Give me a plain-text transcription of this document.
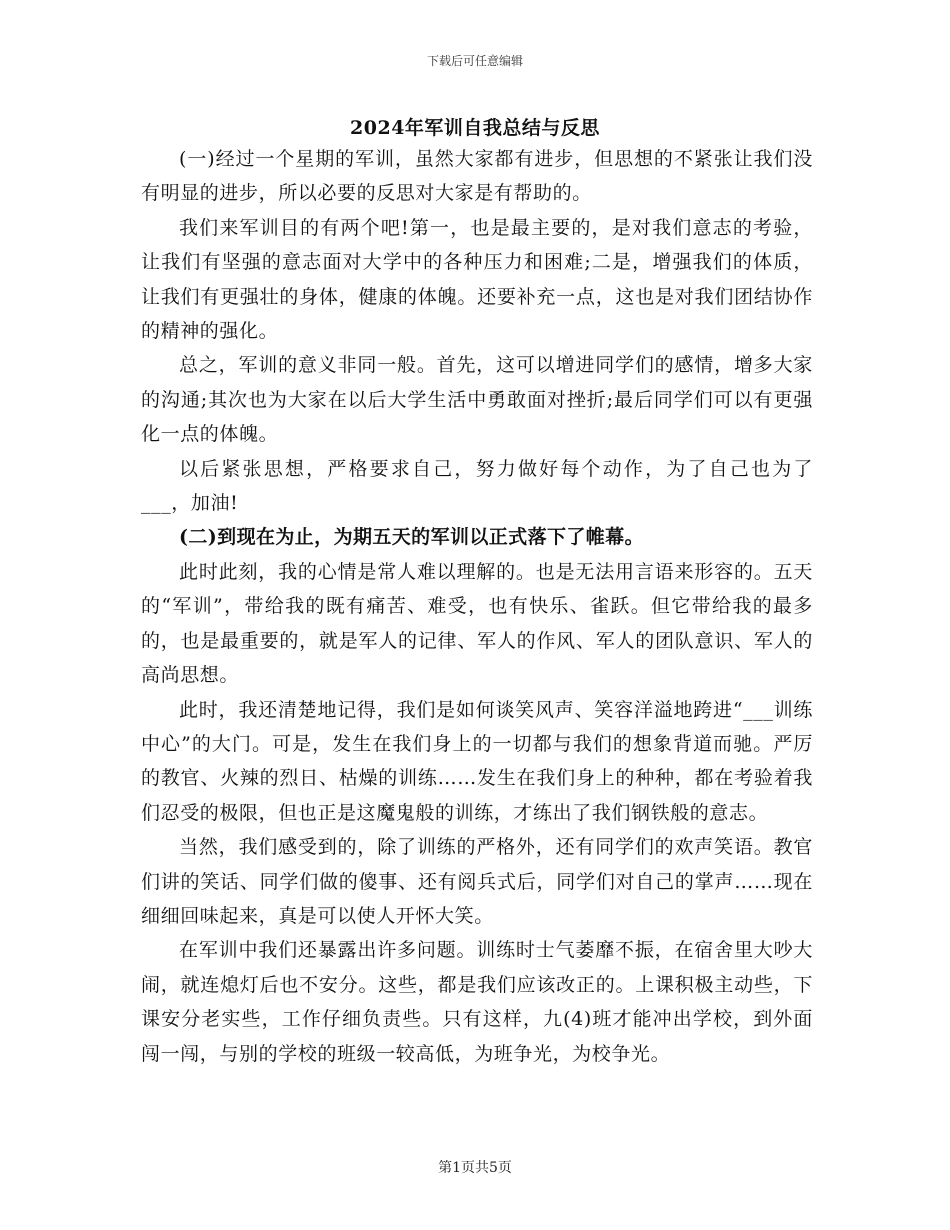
下载后可任意编辑
2024年军训自我总结与反思

(一)经过一个星期的军训，虽然大家都有进步，但思想的不紧张让我们没有明显的进步，所以必要的反思对大家是有帮助的。

我们来军训目的有两个吧!第一，也是最主要的，是对我们意志的考验，让我们有坚强的意志面对大学中的各种压力和困难;二是，增强我们的体质，让我们有更强壮的身体，健康的体魄。还要补充一点，这也是对我们团结协作的精神的强化。

总之，军训的意义非同一般。首先，这可以增进同学们的感情，增多大家的沟通;其次也为大家在以后大学生活中勇敢面对挫折;最后同学们可以有更强化一点的体魄。

以后紧张思想，严格要求自己，努力做好每个动作，为了自己也为了___，加油!

(二)到现在为止，为期五天的军训以正式落下了帷幕。

此时此刻，我的心情是常人难以理解的。也是无法用言语来形容的。五天的“军训”，带给我的既有痛苦、难受，也有快乐、雀跃。但它带给我的最多的，也是最重要的，就是军人的记律、军人的作风、军人的团队意识、军人的高尚思想。

此时，我还清楚地记得，我们是如何谈笑风声、笑容洋溢地跨进“___训练中心”的大门。可是，发生在我们身上的一切都与我们的想象背道而驰。严厉的教官、火辣的烈日、枯燥的训练……发生在我们身上的种种，都在考验着我们忍受的极限，但也正是这魔鬼般的训练，才练出了我们钢铁般的意志。

当然，我们感受到的，除了训练的严格外，还有同学们的欢声笑语。教官们讲的笑话、同学们做的傻事、还有阅兵式后，同学们对自己的掌声……现在细细回味起来，真是可以使人开怀大笑。

在军训中我们还暴露出许多问题。训练时士气萎靡不振，在宿舍里大吵大闹，就连熄灯后也不安分。这些，都是我们应该改正的。上课积极主动些，下课安分老实些，工作仔细负责些。只有这样，九(4)班才能冲出学校，到外面闯一闯，与别的学校的班级一较高低，为班争光，为校争光。

第1页共5页
